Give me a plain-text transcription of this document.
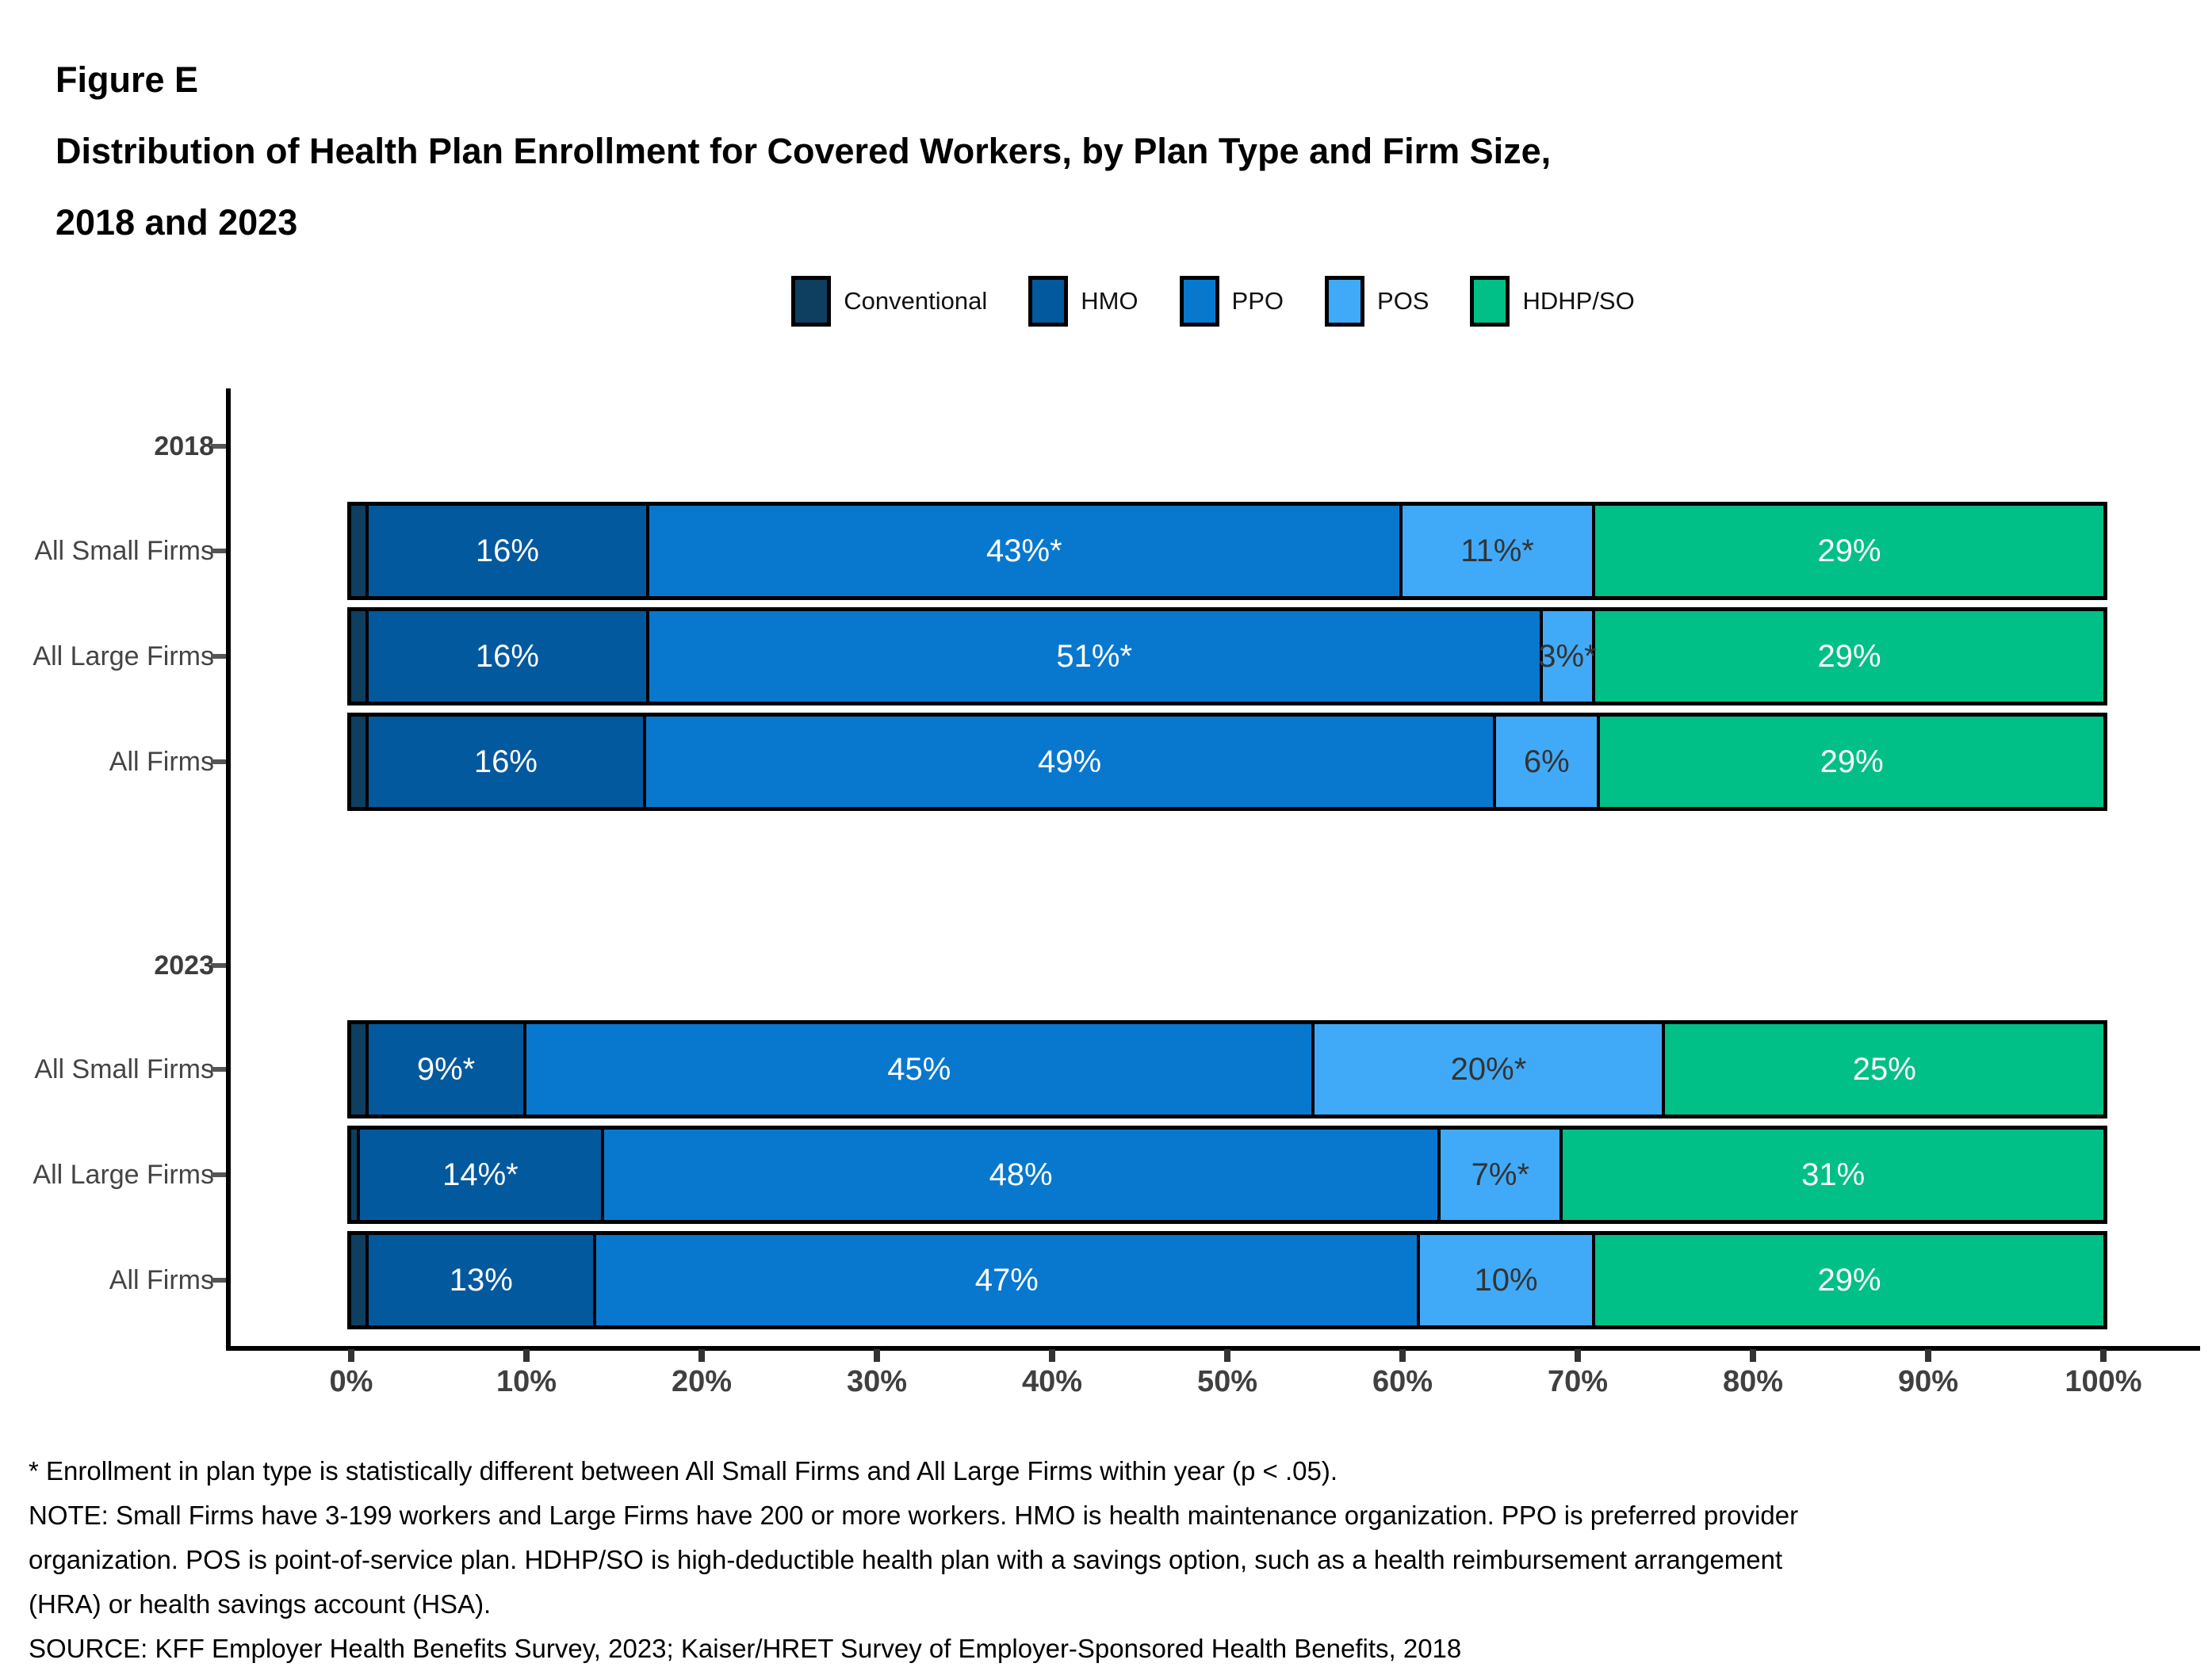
Figure E
Distribution of Health Plan Enrollment for Covered Workers, by Plan Type and Firm Size,
2018 and 2023
Conventional	HMO	PPO	POS	HDHP/SO
2018
All Small Firms	16%	43%*	11%*	29%
All Large Firms	16%	51%*	3%*	29%
All Firms	16%	49%	6%	29%
2023
All Small Firms	9%*	45%	20%*	25%
All Large Firms	14%*	48%	7%*	31%
All Firms	13%	47%	10%	29%
0%	10%	20%	30%	40%	50%	60%	70%	80%	90%	100%
* Enrollment in plan type is statistically different between All Small Firms and All Large Firms within year (p < .05).
NOTE: Small Firms have 3-199 workers and Large Firms have 200 or more workers. HMO is health maintenance organization. PPO is preferred provider
organization. POS is point-of-service plan. HDHP/SO is high-deductible health plan with a savings option, such as a health reimbursement arrangement
(HRA) or health savings account (HSA).
SOURCE: KFF Employer Health Benefits Survey, 2023; Kaiser/HRET Survey of Employer-Sponsored Health Benefits, 2018
